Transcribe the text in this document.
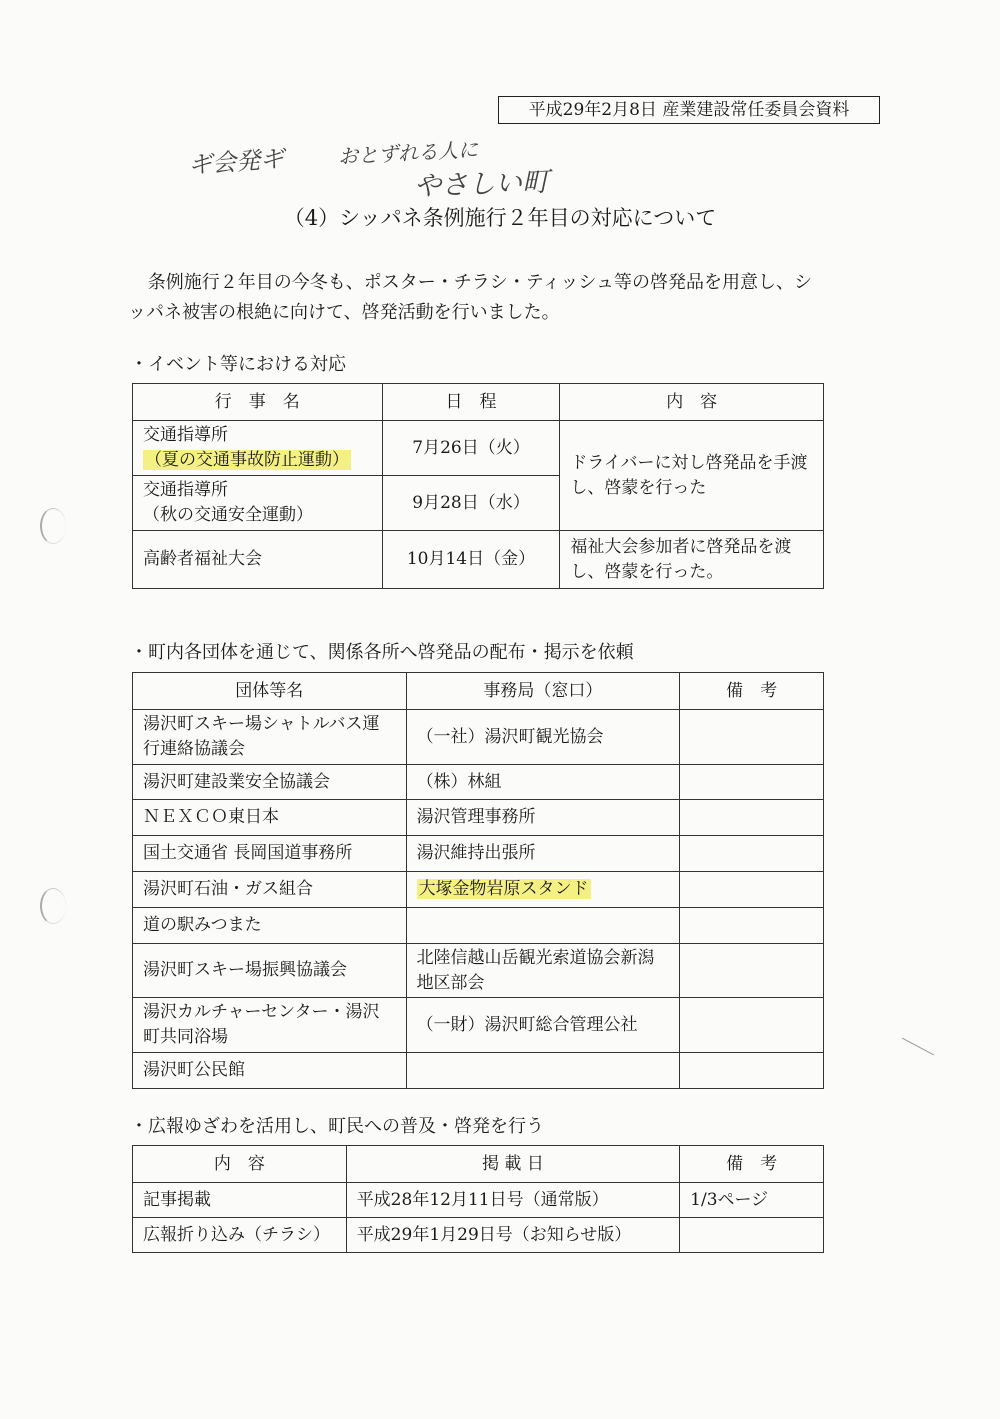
平成29年2月8日 産業建設常任委員会資料
ギ会発ギ	おとずれる人に
やさしい町
（4）シッパネ条例施行２年目の対応について

条例施行２年目の今冬も、ポスター・チラシ・ティッシュ等の啓発品を用意し、シ

ッパネ被害の根絶に向けて、啓発活動を行いました。

・イベント等における対応
行　事　名	日　程	内　容

交通指導所
（夏の交通事故防止運動）	7月26日（火）	ドライバーに対し啓発品を手渡し、啓蒙を行った

交通指導所
（秋の交通安全運動）	9月28日（水）	
高齢者福祉大会	10月14日（金）	福祉大会参加者に啓発品を渡し、啓蒙を行った。
・町内各団体を通じて、関係各所へ啓発品の配布・掲示を依頼
団体等名	事務局（窓口）	備　考
湯沢町スキー場シャトルバス運行連絡協議会	（一社）湯沢町観光協会	
湯沢町建設業安全協議会	（株）林組	
ＮＥＸＣＯ東日本	湯沢管理事務所	
国土交通省 長岡国道事務所	湯沢維持出張所	
湯沢町石油・ガス組合	大塚金物岩原スタンド	
道の駅みつまた		
湯沢町スキー場振興協議会	北陸信越山岳観光索道協会新潟地区部会	
湯沢カルチャーセンター・湯沢町共同浴場	（一財）湯沢町総合管理公社	
湯沢町公民館		
・広報ゆざわを活用し、町民への普及・啓発を行う
内　容	掲 載 日	備　考
記事掲載	平成28年12月11日号（通常版）	1/3ページ
広報折り込み（チラシ）	平成29年1月29日号（お知らせ版）	
